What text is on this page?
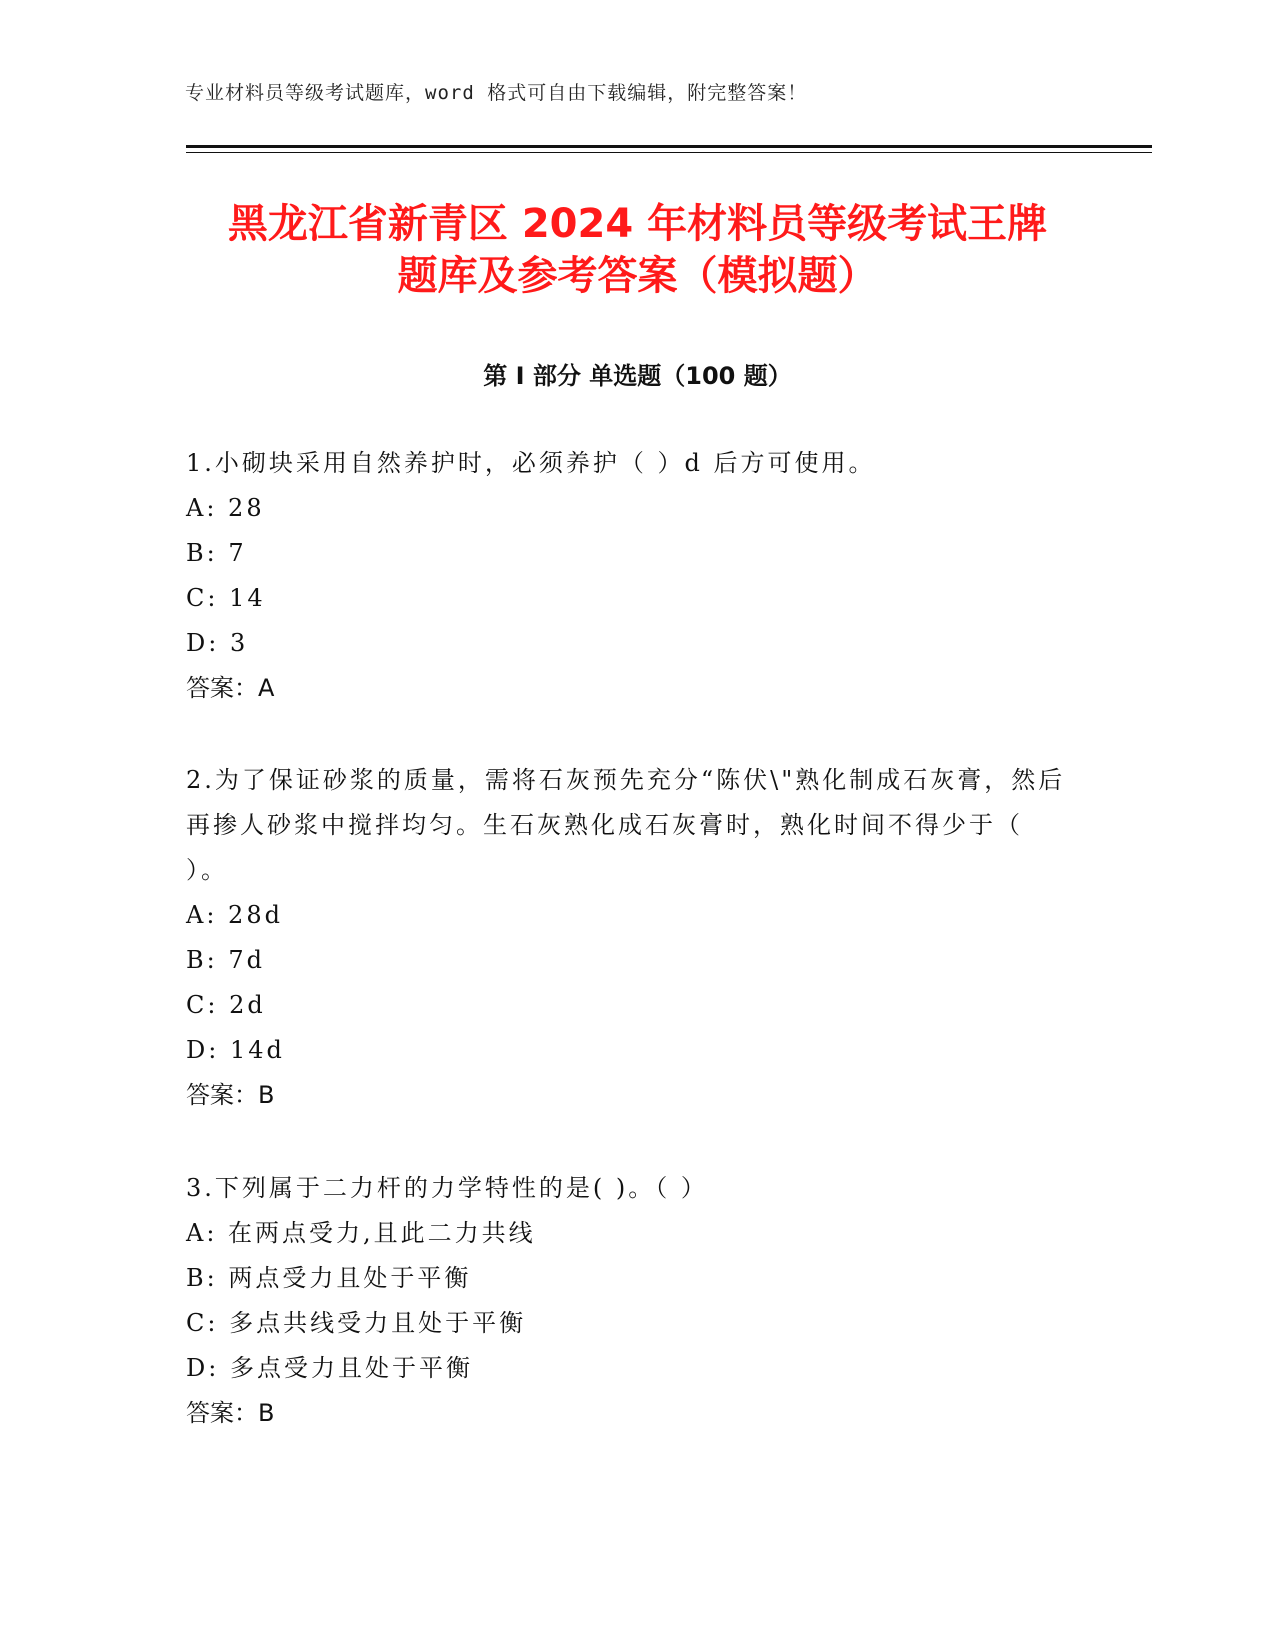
专业材料员等级考试题库，word 格式可自由下载编辑，附完整答案！
黑龙江省新青区 2024 年材料员等级考试王牌
题库及参考答案（模拟题）
第 I 部分 单选题（100 题）

1.小砌块采用自然养护时，必须养护（ ）d 后方可使用。

A: 28

B: 7

C: 14

D: 3

答案：A

2.为了保证砂浆的质量，需将石灰预先充分“陈伏\"熟化制成石灰膏，然后再掺人砂浆中搅拌均匀。生石灰熟化成石灰膏时，熟化时间不得少于（ ）。

A: 28d

B: 7d

C: 2d

D: 14d

答案：B

3.下列属于二力杆的力学特性的是( )。（ ）

A: 在两点受力,且此二力共线

B: 两点受力且处于平衡

C: 多点共线受力且处于平衡

D: 多点受力且处于平衡

答案：B
